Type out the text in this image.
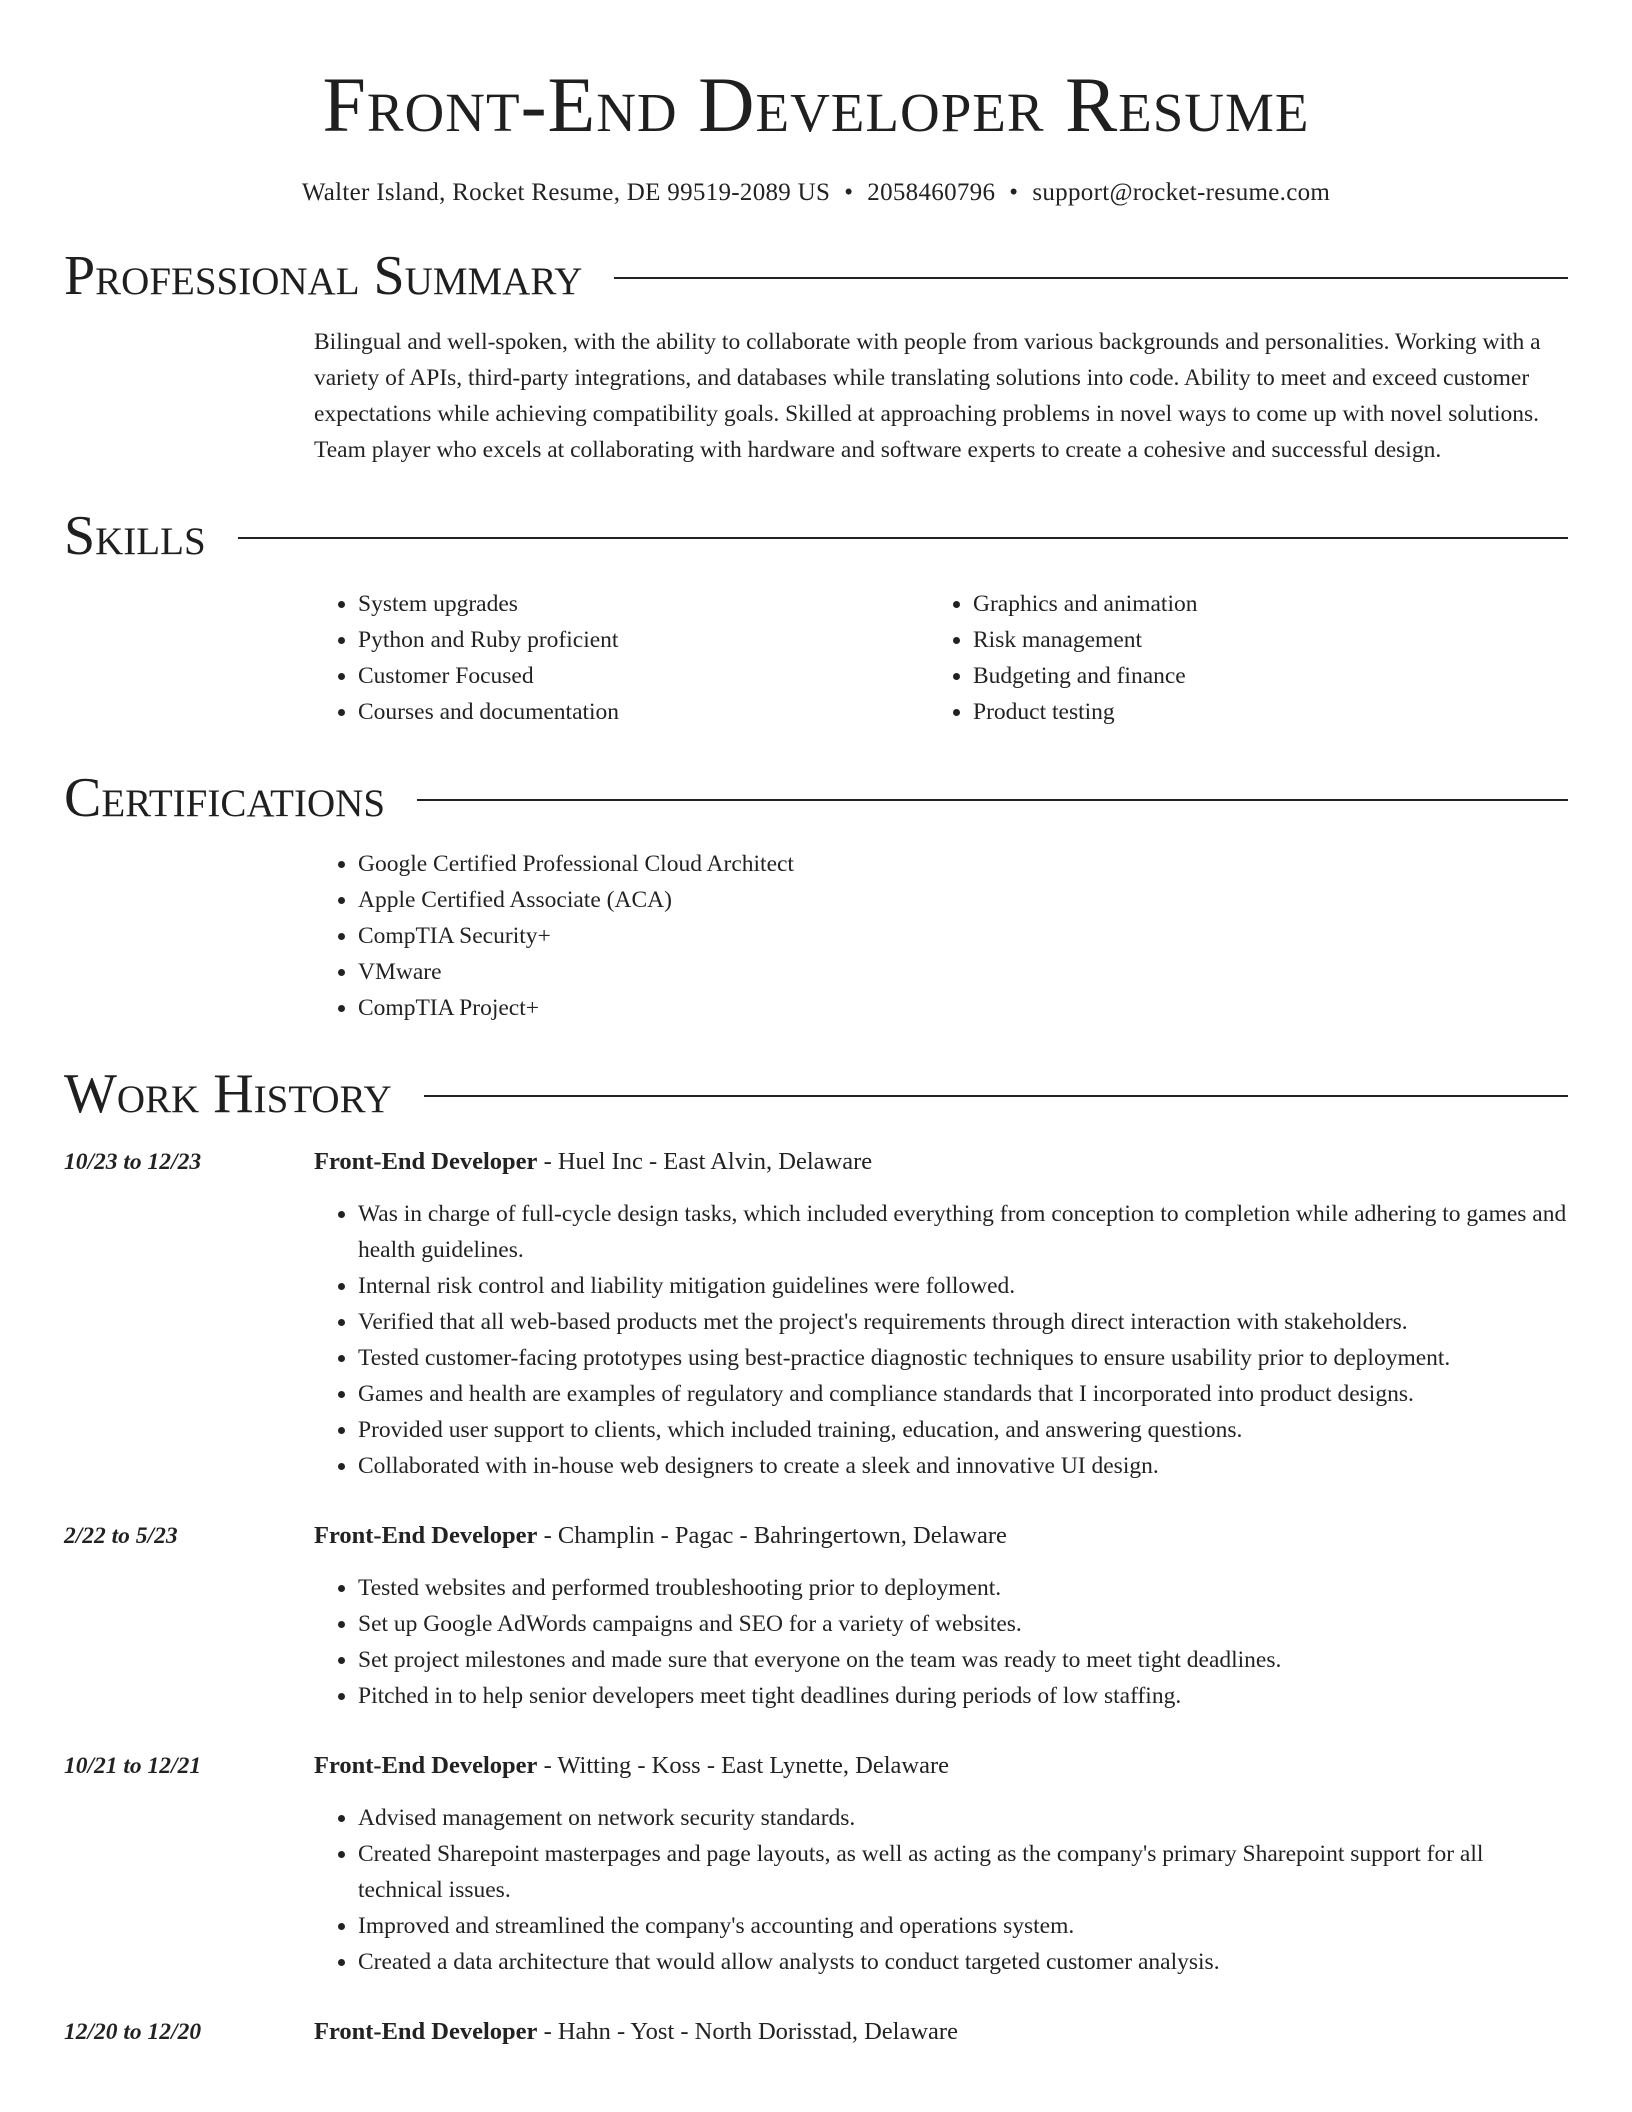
Front-End Developer Resume
Walter Island, Rocket Resume, DE 99519-2089 US • 2058460796 • support@rocket-resume.com
Professional Summary
Bilingual and well-spoken, with the ability to collaborate with people from various backgrounds and personalities. Working with a variety of APIs, third-party integrations, and databases while translating solutions into code. Ability to meet and exceed customer expectations while achieving compatibility goals. Skilled at approaching problems in novel ways to come up with novel solutions. Team player who excels at collaborating with hardware and software experts to create a cohesive and successful design.
Skills
• System upgrades
• Python and Ruby proficient
• Customer Focused
• Courses and documentation
• Graphics and animation
• Risk management
• Budgeting and finance
• Product testing
Certifications
• Google Certified Professional Cloud Architect
• Apple Certified Associate (ACA)
• CompTIA Security+
• VMware
• CompTIA Project+
Work History
10/23 to 12/23	Front-End Developer - Huel Inc - East Alvin, Delaware
• Was in charge of full-cycle design tasks, which included everything from conception to completion while adhering to games and health guidelines.
• Internal risk control and liability mitigation guidelines were followed.
• Verified that all web-based products met the project's requirements through direct interaction with stakeholders.
• Tested customer-facing prototypes using best-practice diagnostic techniques to ensure usability prior to deployment.
• Games and health are examples of regulatory and compliance standards that I incorporated into product designs.
• Provided user support to clients, which included training, education, and answering questions.
• Collaborated with in-house web designers to create a sleek and innovative UI design.
2/22 to 5/23	Front-End Developer - Champlin - Pagac - Bahringertown, Delaware
• Tested websites and performed troubleshooting prior to deployment.
• Set up Google AdWords campaigns and SEO for a variety of websites.
• Set project milestones and made sure that everyone on the team was ready to meet tight deadlines.
• Pitched in to help senior developers meet tight deadlines during periods of low staffing.
10/21 to 12/21	Front-End Developer - Witting - Koss - East Lynette, Delaware
• Advised management on network security standards.
• Created Sharepoint masterpages and page layouts, as well as acting as the company's primary Sharepoint support for all technical issues.
• Improved and streamlined the company's accounting and operations system.
• Created a data architecture that would allow analysts to conduct targeted customer analysis.
12/20 to 12/20	Front-End Developer - Hahn - Yost - North Dorisstad, Delaware
